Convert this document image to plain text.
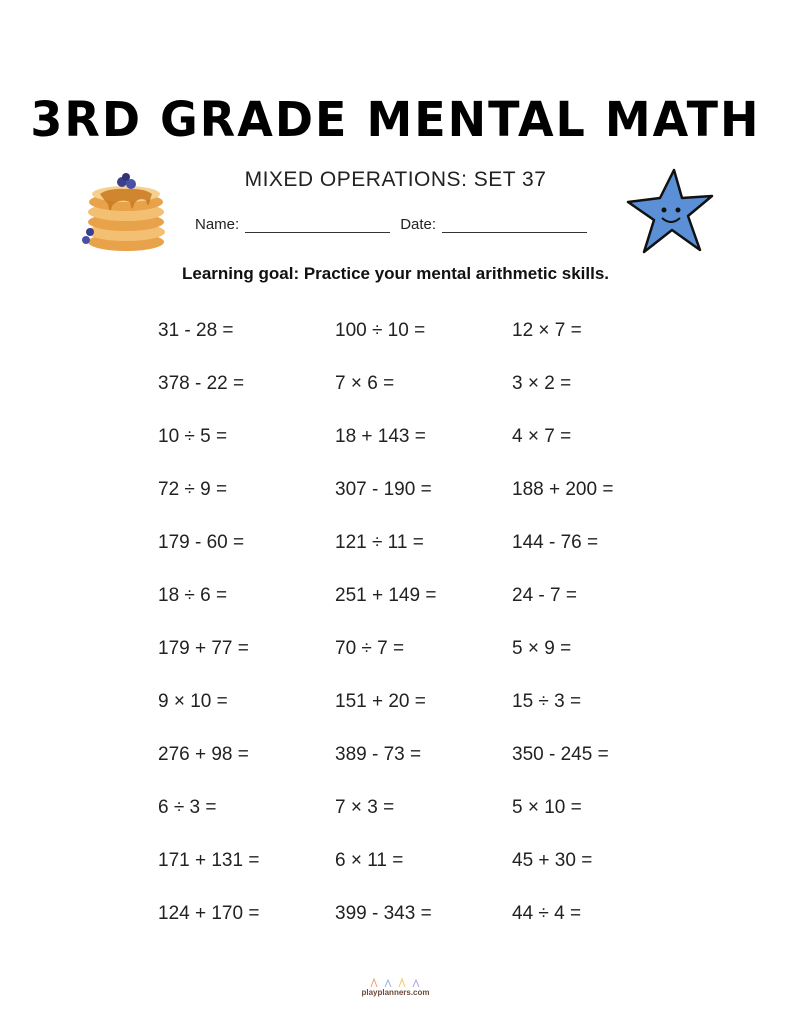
3RD GRADE MENTAL MATH
MIXED OPERATIONS: SET 37
Name:	Date:
Learning goal: Practice your mental arithmetic skills.
31 - 28 =	100 ÷ 10 =	12 × 7 =
378 - 22 =	7 × 6 =	3 × 2 =
10 ÷ 5 =	18 + 143 =	4 × 7 =
72 ÷ 9 =	307 - 190 =	188 + 200 =
179 - 60 =	121 ÷ 11 =	144 - 76 =
18 ÷ 6 =	251 + 149 =	24 - 7 =
179 + 77 =	70 ÷ 7 =	5 × 9 =
9 × 10 =	151 + 20 =	15 ÷ 3 =
276 + 98 =	389 - 73 =	350 - 245 =
6 ÷ 3 =	7 × 3 =	5 × 10 =
171 + 131 =	6 × 11 =	45 + 30 =
124 + 170 =	399 - 343 =	44 ÷ 4 =
playplanners.com
